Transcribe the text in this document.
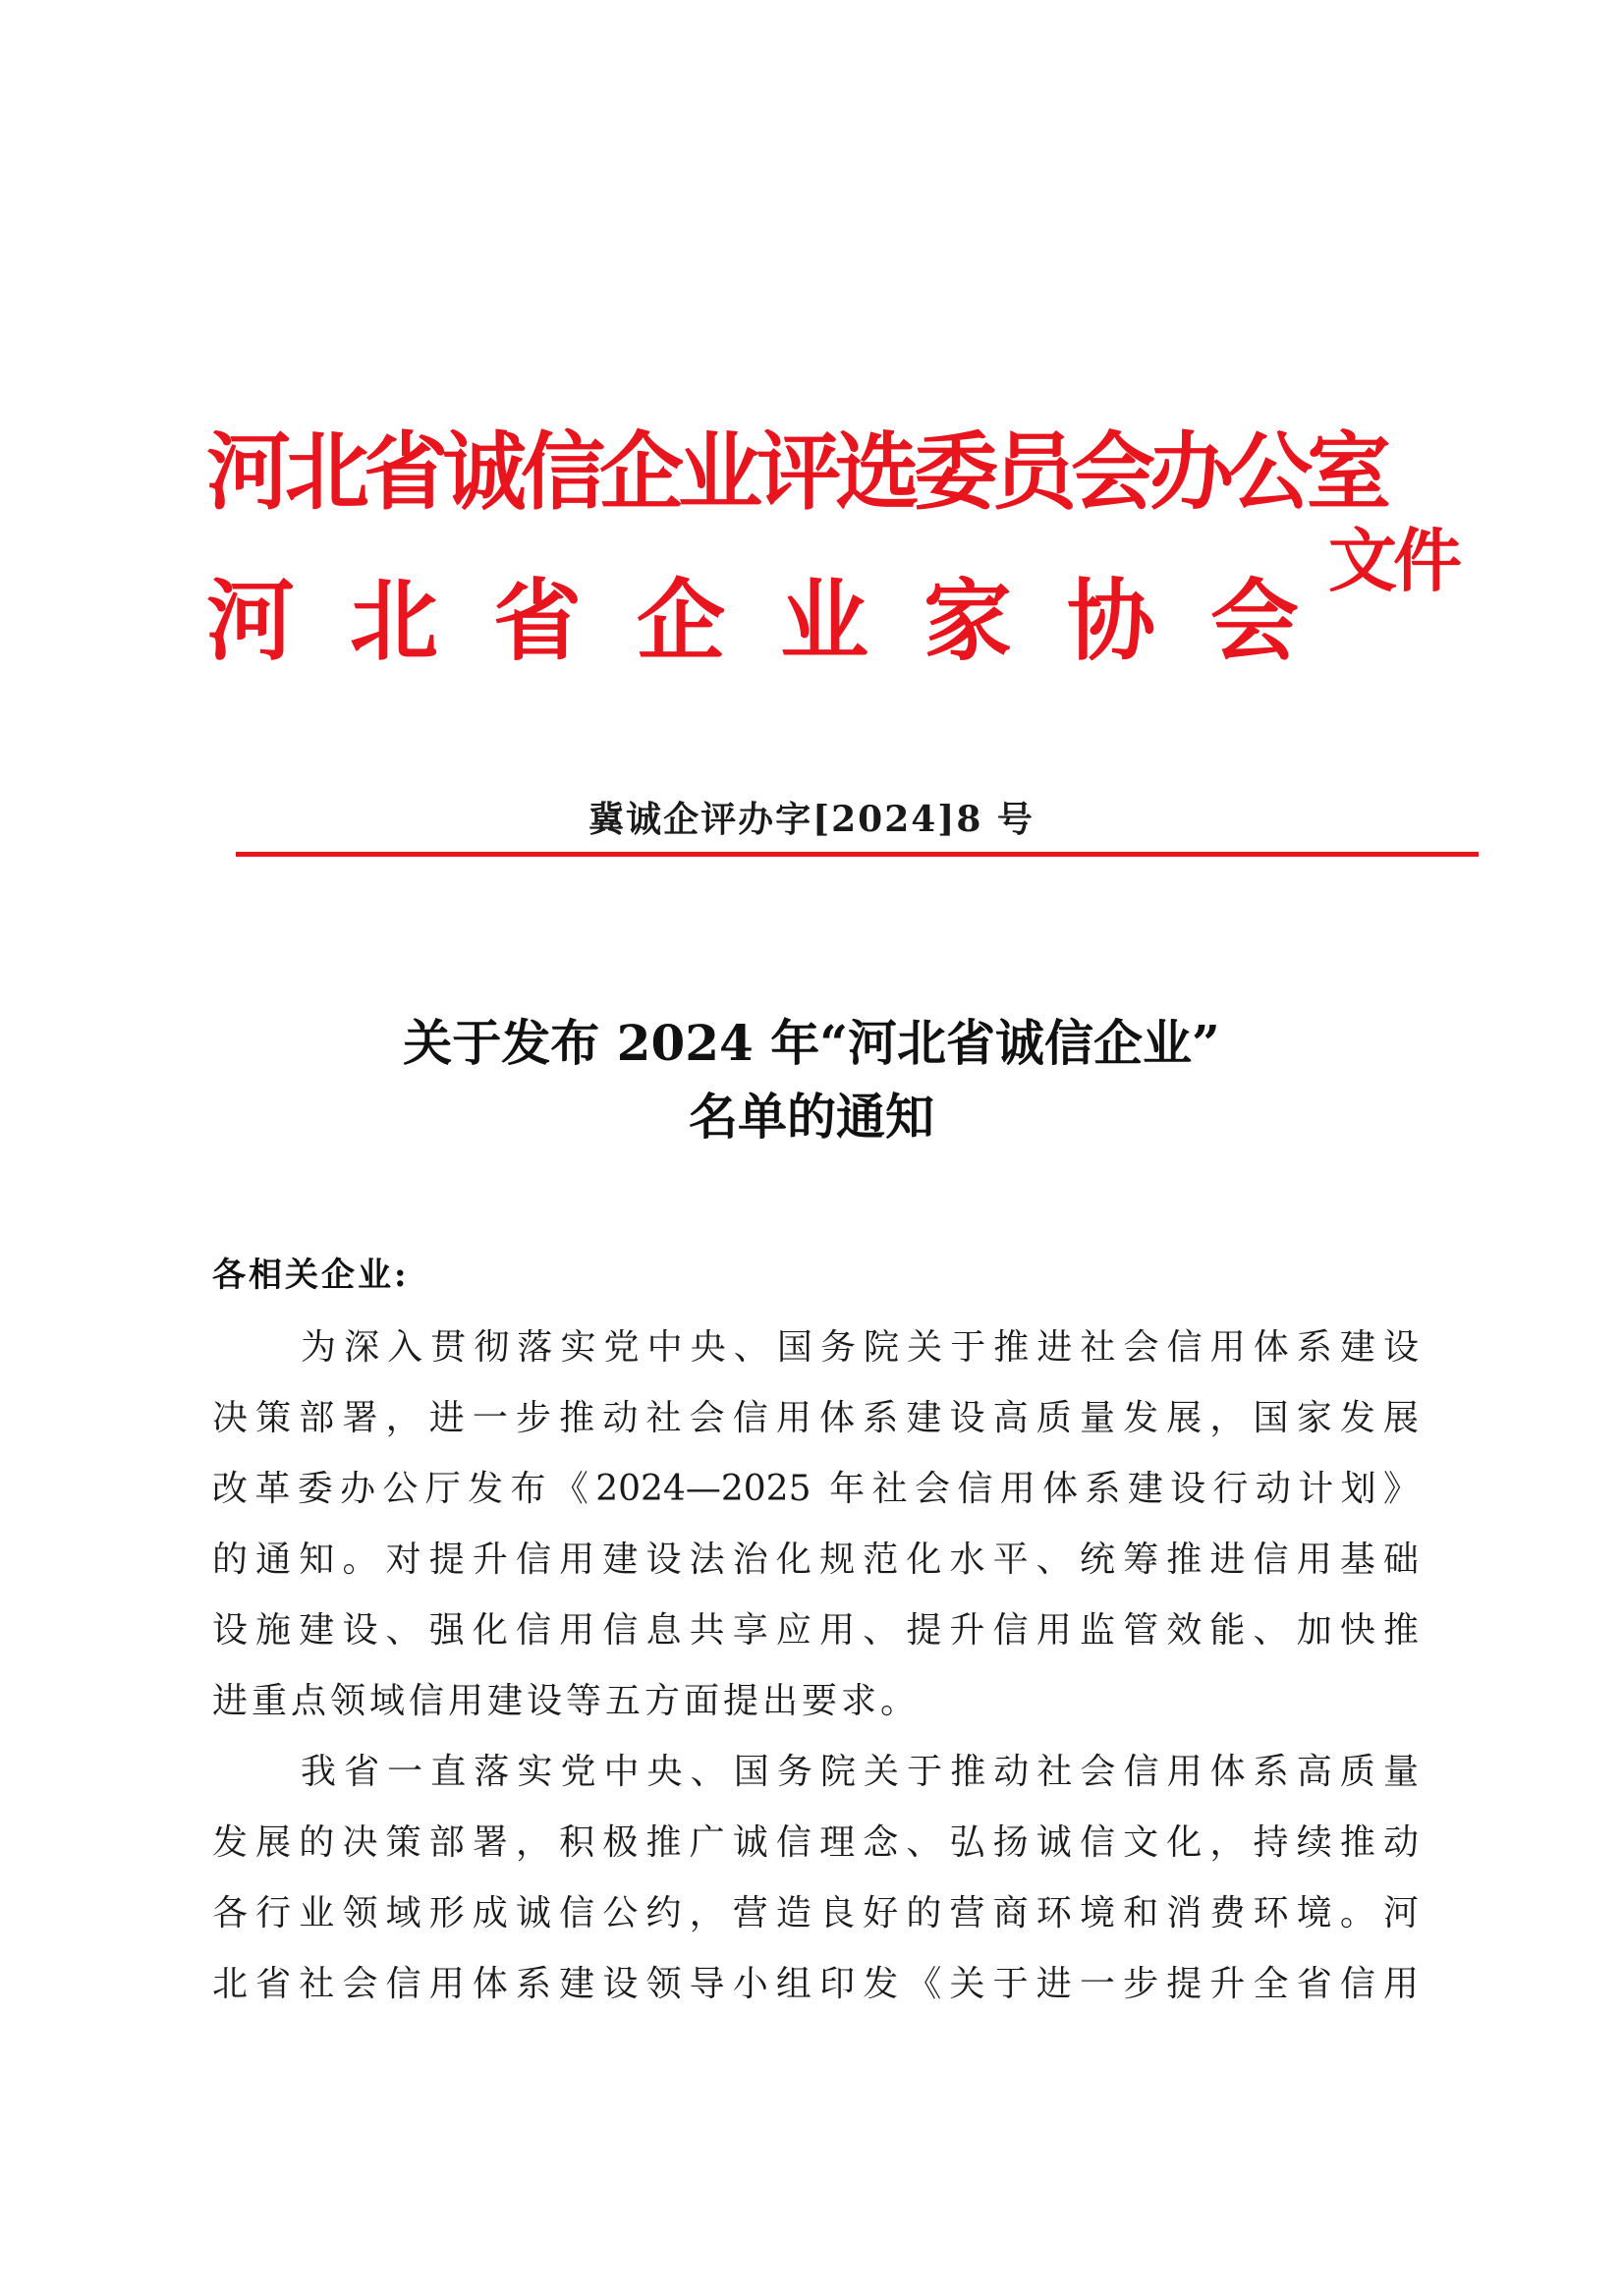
河北省诚信企业评选委员会办公室
河北省企业家协会
文件
冀诚企评办字[2024]8 号
关于发布 2024 年“河北省诚信企业”
名单的通知
各相关企业:
为深入贯彻落实党中央、国务院关于推进社会信用体系建设
决策部署，进一步推动社会信用体系建设高质量发展，国家发展
改革委办公厅发布《2024—2025 年社会信用体系建设行动计划》
的通知。对提升信用建设法治化规范化水平、统筹推进信用基础
设施建设、强化信用信息共享应用、提升信用监管效能、加快推
进重点领域信用建设等五方面提出要求。
我省一直落实党中央、国务院关于推动社会信用体系高质量
发展的决策部署，积极推广诚信理念、弘扬诚信文化，持续推动
各行业领域形成诚信公约，营造良好的营商环境和消费环境。河
北省社会信用体系建设领导小组印发《关于进一步提升全省信用
